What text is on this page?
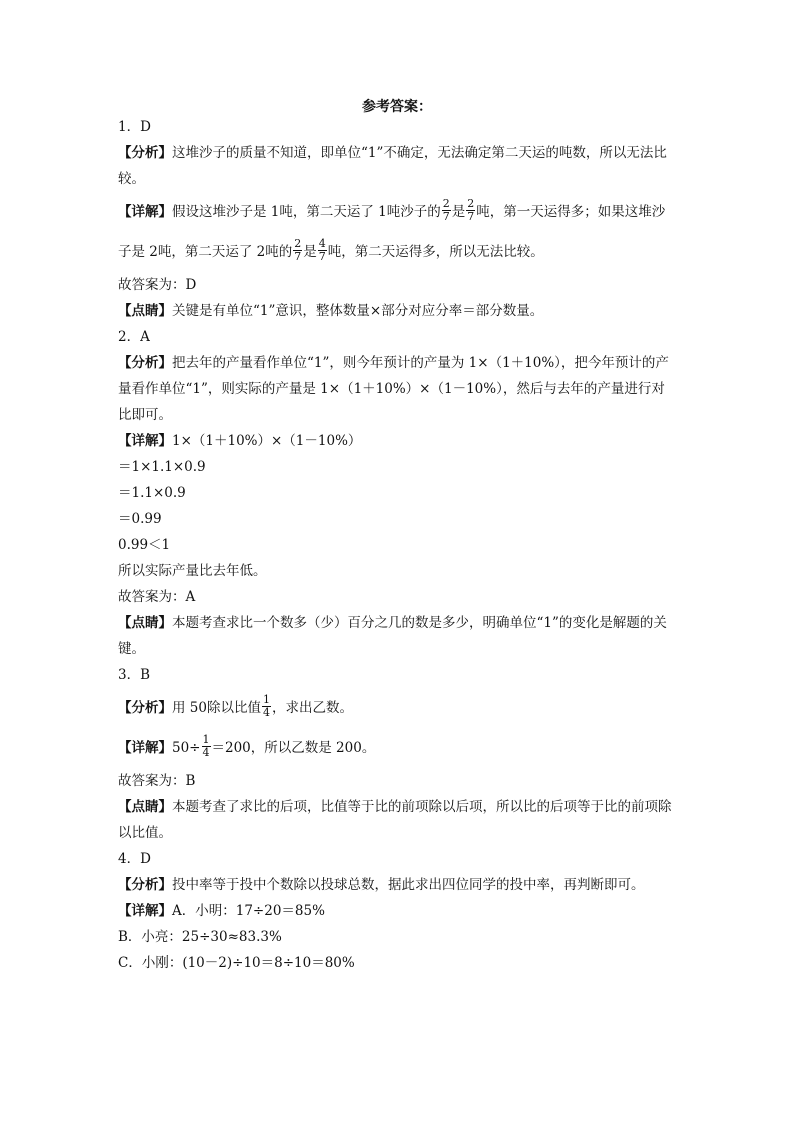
参考答案：
1．D
【分析】这堆沙子的质量不知道，即单位“1”不确定，无法确定第二天运的吨数，所以无法比较。
【详解】假设这堆沙子是 1吨，第二天运了 1吨沙子的 $\frac{2}{7}$ 是 $\frac{2}{7}$ 吨，第一天运得多；如果这堆沙子是 2吨，第二天运了 2吨的 $\frac{2}{7}$ 是 $\frac{4}{7}$ 吨，第二天运得多，所以无法比较。
故答案为：D
【点睛】关键是有单位“1”意识，整体数量×部分对应分率＝部分数量。
2．A
【分析】把去年的产量看作单位“1”，则今年预计的产量为 1×（1＋10%），把今年预计的产量看作单位“1”，则实际的产量是 1×（1＋10%）×（1－10%），然后与去年的产量进行对比即可。
【详解】1×（1＋10%）×（1－10%）
＝1×1.1×0.9
＝1.1×0.9
＝0.99
0.99＜1
所以实际产量比去年低。
故答案为：A
【点睛】本题考查求比一个数多（少）百分之几的数是多少，明确单位“1”的变化是解题的关键。
3．B
【分析】用 50除以比值 $\frac{1}{4}$ ，求出乙数。
【详解】$50\div \frac{1}{4} =200$，所以乙数是 200。
故答案为：B
【点睛】本题考查了求比的后项，比值等于比的前项除以后项，所以比的后项等于比的前项除以比值。
4．D
【分析】投中率等于投中个数除以投球总数，据此求出四位同学的投中率，再判断即可。
【详解】A．小明：17÷20＝85%
B．小亮：25÷30≈83.3%
C．小刚：(10－2)÷10＝8÷10＝80%
